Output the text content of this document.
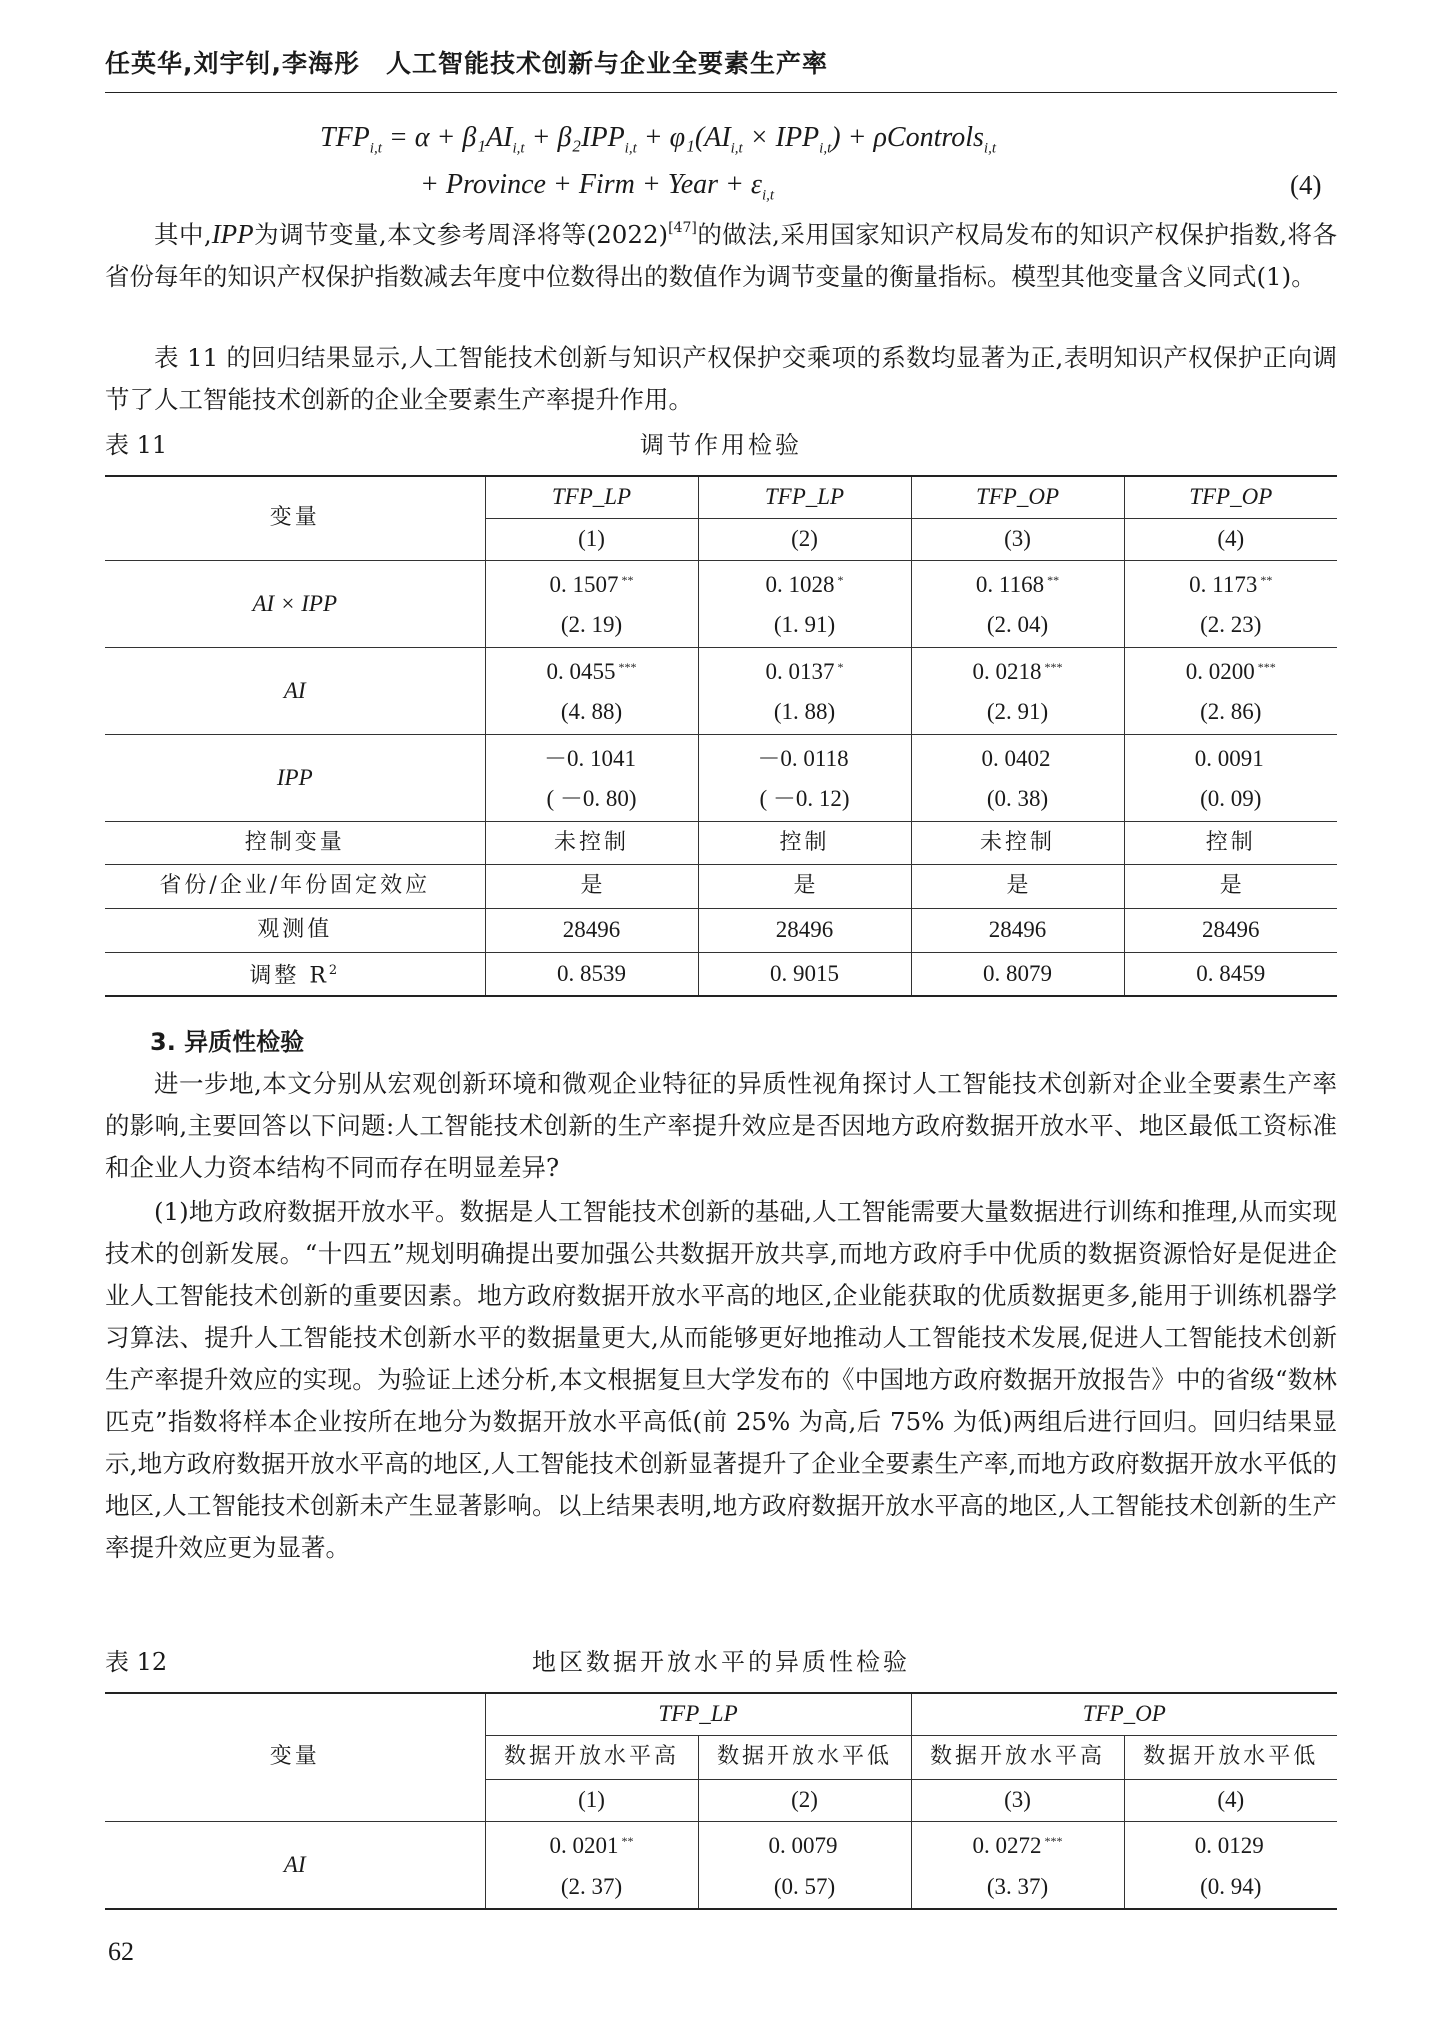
任英华,刘宇钊,李海彤　人工智能技术创新与企业全要素生产率
$TFP_{i,t} = \alpha + \beta_1AI_{i,t} + \beta_2IPP_{i,t} + \varphi_1(AI_{i,t} \times IPP_{i,t})$ + ρControls$_{i,t}$
+ Province + Firm + Year + $\varepsilon_{i,t}$	(4)

其中,IPP为调节变量,本文参考周泽将等(2022)[47]的做法,采用国家知识产权局发布的知识产权保护指数,将各省份每年的知识产权保护指数减去年度中位数得出的数值作为调节变量的衡量指标。模型其他变量含义同式(1)。

表 11 的回归结果显示,人工智能技术创新与知识产权保护交乘项的系数均显著为正,表明知识产权保护正向调节了人工智能技术创新的企业全要素生产率提升作用。

表 11	调节作用检验
变量	TFP_LP	TFP_LP	TFP_OP	TFP_OP
	(1)	(2)	(3)	(4)
AI × IPP	0. 1507 **	0. 1028 *	0. 1168 **	0. 1173 **
	(2. 19)	(1. 91)	(2. 04)	(2. 23)
AI	0. 0455 ***	0. 0137 *	0. 0218 ***	0. 0200 ***
	(4. 88)	(1. 88)	(2. 91)	(2. 86)
IPP	－0. 1041	－0. 0118	0. 0402	0. 0091
	( －0. 80)	( －0. 12)	(0. 38)	(0. 09)
控制变量	未控制	控制	未控制	控制
省份/企业/年份固定效应	是	是	是	是
观测值	28496	28496	28496	28496
调整 $R^2$	0. 8539	0. 9015	0. 8079	0. 8459
3. 异质性检验

进一步地,本文分别从宏观创新环境和微观企业特征的异质性视角探讨人工智能技术创新对企业全要素生产率的影响,主要回答以下问题:人工智能技术创新的生产率提升效应是否因地方政府数据开放水平、地区最低工资标准和企业人力资本结构不同而存在明显差异?

(1)地方政府数据开放水平。数据是人工智能技术创新的基础,人工智能需要大量数据进行训练和推理,从而实现技术的创新发展。“十四五”规划明确提出要加强公共数据开放共享,而地方政府手中优质的数据资源恰好是促进企业人工智能技术创新的重要因素。地方政府数据开放水平高的地区,企业能获取的优质数据更多,能用于训练机器学习算法、提升人工智能技术创新水平的数据量更大,从而能够更好地推动人工智能技术发展,促进人工智能技术创新生产率提升效应的实现。为验证上述分析,本文根据复旦大学发布的《中国地方政府数据开放报告》中的省级“数林匹克”指数将样本企业按所在地分为数据开放水平高低(前 25% 为高,后 75% 为低)两组后进行回归。回归结果显示,地方政府数据开放水平高的地区,人工智能技术创新显著提升了企业全要素生产率,而地方政府数据开放水平低的地区,人工智能技术创新未产生显著影响。以上结果表明,地方政府数据开放水平高的地区,人工智能技术创新的生产率提升效应更为显著。

表 12	地区数据开放水平的异质性检验
变量	TFP_LP		TFP_OP	
	数据开放水平高	数据开放水平低	数据开放水平高	数据开放水平低
	(1)	(2)	(3)	(4)
AI	0. 0201 **	0. 0079	0. 0272 ***	0. 0129
	(2. 37)	(0. 57)	(3. 37)	(0. 94)
62
